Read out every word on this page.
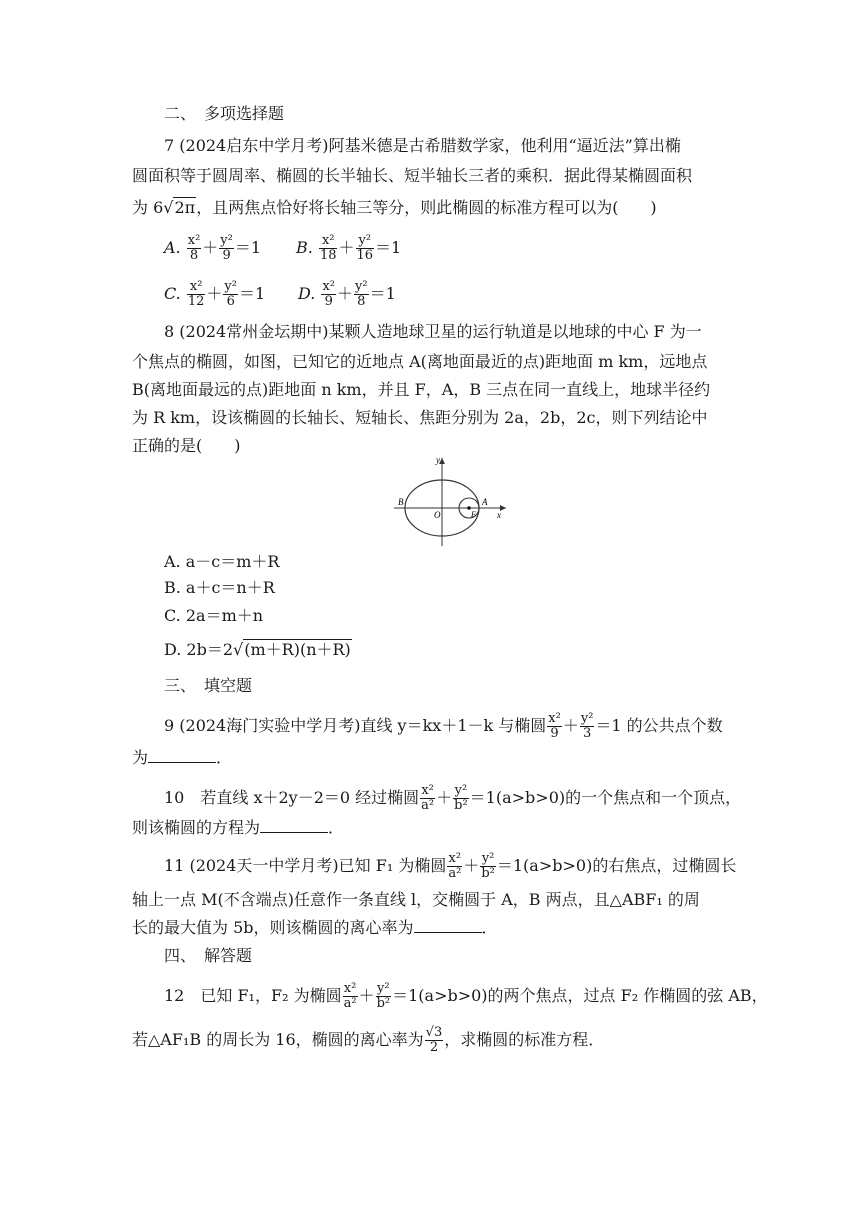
二、　多项选择题
7 (2024启东中学月考)阿基米德是古希腊数学家，他利用“逼近法”算出椭
圆面积等于圆周率、椭圆的长半轴长、短半轴长三者的乘积．据此得某椭圆面积
为 6√2π，且两焦点恰好将长轴三等分，则此椭圆的标准方程可以为(　　)
A. $\frac{\text{x²}}{8} + \frac{\text{y²}}{9} =1$ B. $\frac{\text{x²}}{18} + \frac{\text{y²}}{16} =1$
C. $\frac{\text{x²}}{12} + \frac{\text{y²}}{6} =1$ D. $\frac{\text{x²}}{9} + \frac{\text{y²}}{8} =1$
8 (2024常州金坛期中)某颗人造地球卫星的运行轨道是以地球的中心 F 为一
个焦点的椭圆，如图，已知它的近地点 A(离地面最近的点)距地面 m km，远地点
B(离地面最远的点)距地面 n km，并且 F，A，B 三点在同一直线上，地球半径约
为 R km，设该椭圆的长轴长、短轴长、焦距分别为 2a，2b，2c，则下列结论中
正确的是(　　)
y
x
B
O
A
F
A. a－c＝m＋R
B. a＋c＝n＋R
C. 2a＝m＋n
D. 2b＝2√(m＋R)(n＋R)
三、　填空题
9 (2024海门实验中学月考)直线 y＝kx＋1－k 与椭圆 $\frac{\text{x²}}{9} + \frac{\text{y²}}{3} =1$ 的公共点个数
为	．
10　若直线 x＋2y－2＝0 经过椭圆 $\frac{\text{x²}}{\text{a²}} + \frac{\text{y²}}{\text{b²}} =1(a>b>0)$的一个焦点和一个顶点，
则该椭圆的方程为	．
11 (2024天一中学月考)已知 F₁ 为椭圆 $\frac{\text{x²}}{\text{a²}} + \frac{\text{y²}}{\text{b²}} =1(a>b>0)$的右焦点，过椭圆长
轴上一点 M(不含端点)任意作一条直线 l，交椭圆于 A，B 两点，且△ABF₁ 的周
长的最大值为 5b，则该椭圆的离心率为	．
四、　解答题
12　已知 F₁，F₂ 为椭圆 $\frac{\text{x²}}{\text{a²}} + \frac{\text{y²}}{\text{b²}} =1(a>b>0)$的两个焦点，过点 F₂ 作椭圆的弦 AB，
若△AF₁B 的周长为 16，椭圆的离心率为 $\frac{√3}{2}$ ，求椭圆的标准方程．
